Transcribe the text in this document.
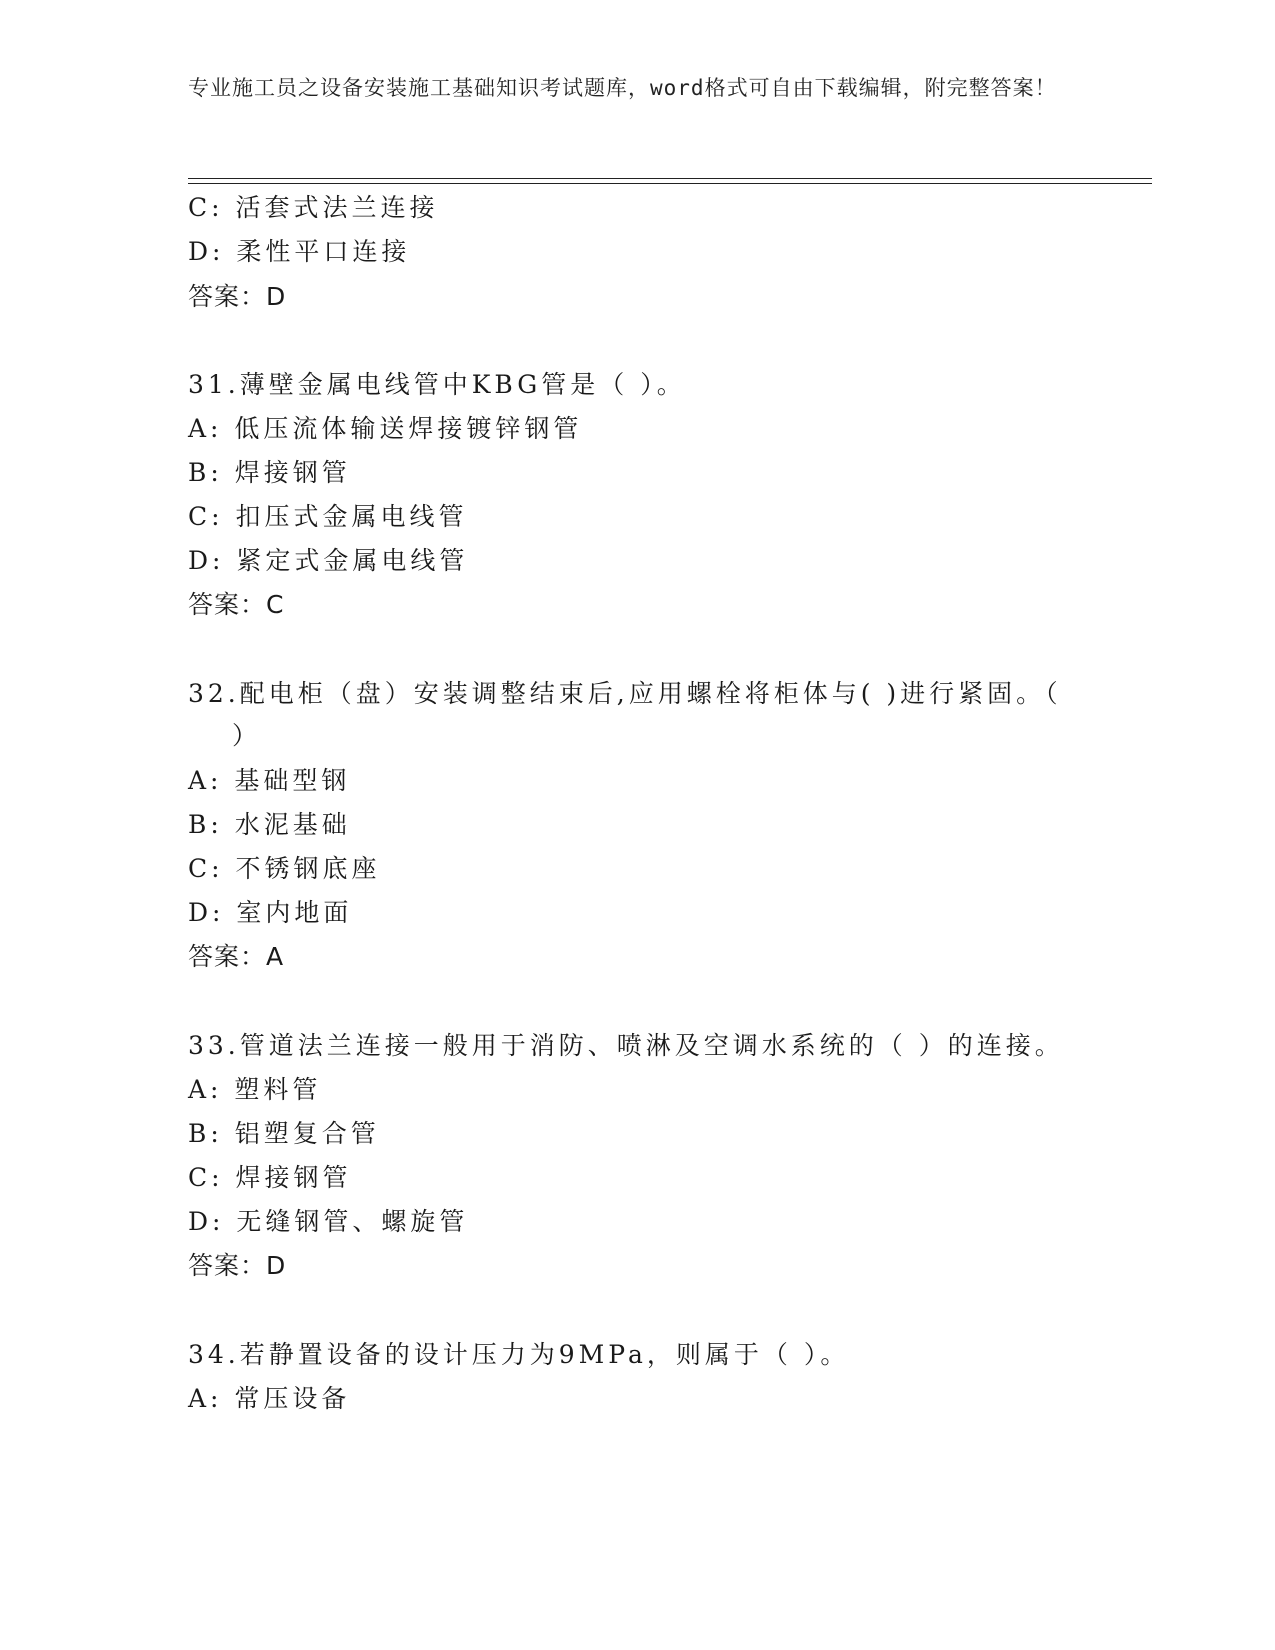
专业施工员之设备安装施工基础知识考试题库，word格式可自由下载编辑，附完整答案！
C: 活套式法兰连接
D: 柔性平口连接
答案：D
31.薄壁金属电线管中KBG管是（ ）。
A: 低压流体输送焊接镀锌钢管
B: 焊接钢管
C: 扣压式金属电线管
D: 紧定式金属电线管
答案：C
32.配电柜（盘）安装调整结束后,应用螺栓将柜体与( )进行紧固。（
）
A: 基础型钢
B: 水泥基础
C: 不锈钢底座
D: 室内地面
答案：A
33.管道法兰连接一般用于消防、喷淋及空调水系统的（ ）的连接。
A: 塑料管
B: 铝塑复合管
C: 焊接钢管
D: 无缝钢管、螺旋管
答案：D
34.若静置设备的设计压力为9MPa，则属于（ ）。
A: 常压设备
